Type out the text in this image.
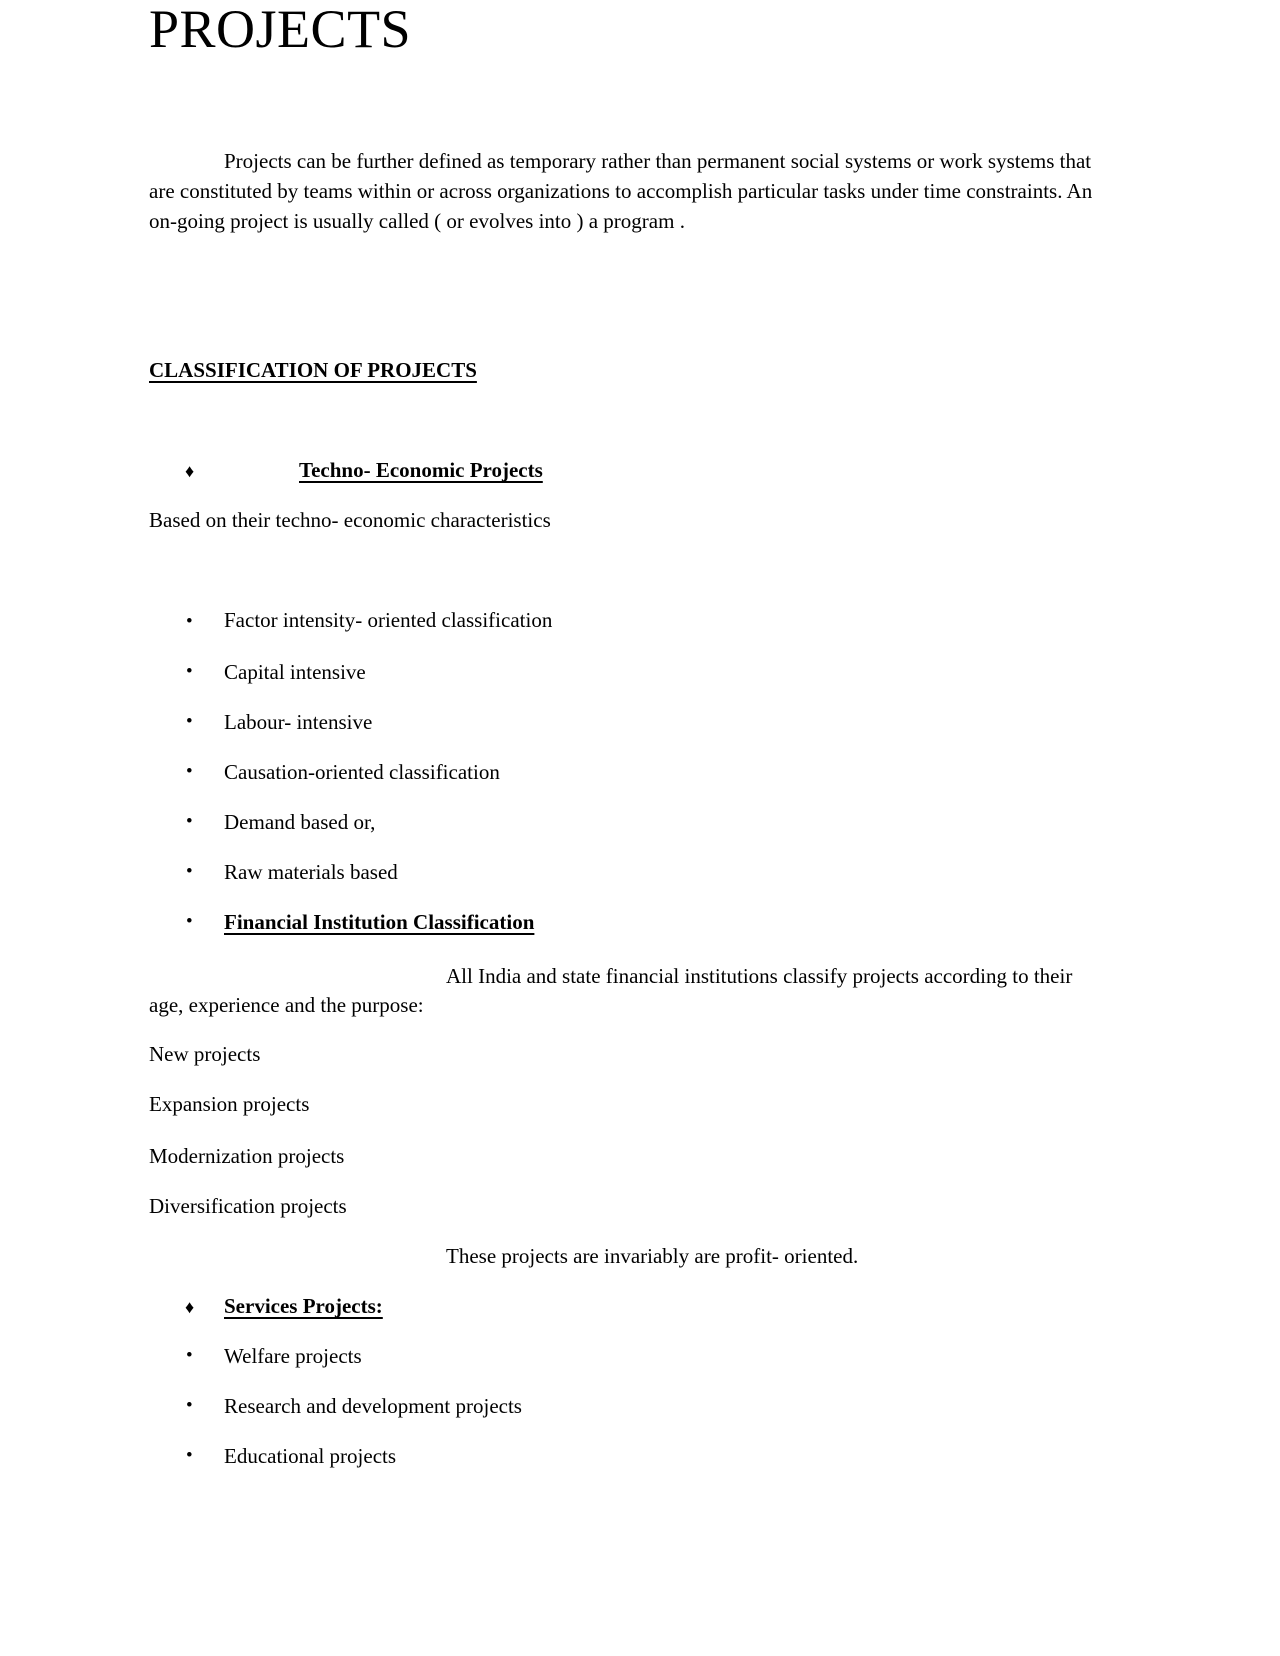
PROJECTS

Projects can be further defined as temporary rather than permanent social systems or work systems that are constituted by teams within or across organizations to accomplish particular tasks under time constraints. An on-going project is usually called ( or evolves into ) a program .

CLASSIFICATION OF PROJECTS
♦	Techno- Economic Projects
Based on their techno- economic characteristics
• Factor intensity- oriented classification
• Capital intensive
• Labour- intensive
• Causation-oriented classification
• Demand based or,
• Raw materials based
• Financial Institution Classification

All India and state financial institutions classify projects according to their age, experience and the purpose:

New projects
Expansion projects
Modernization projects
Diversification projects
These projects are invariably are profit- oriented.
♦ Services Projects:
• Welfare projects
• Research and development projects
• Educational projects
